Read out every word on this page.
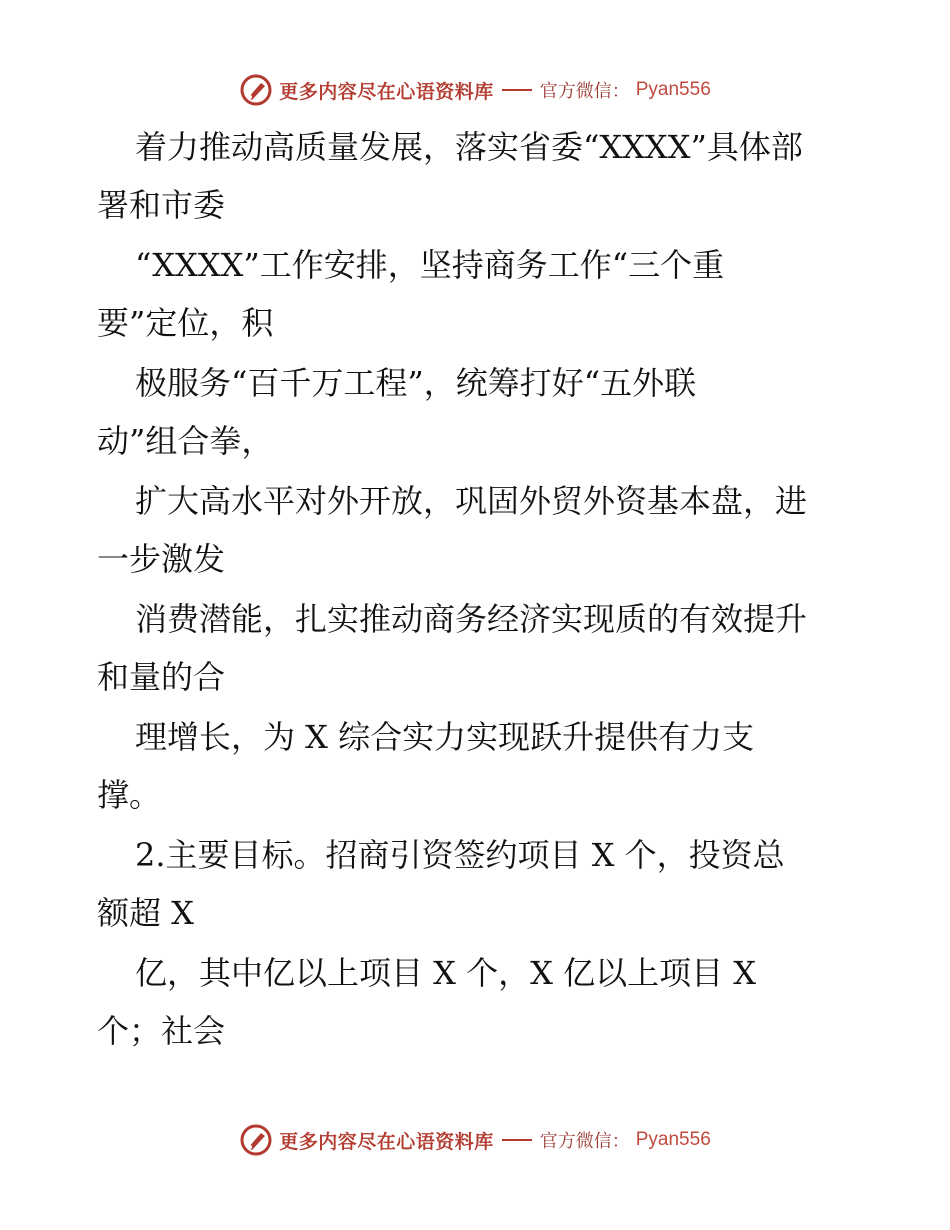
更多内容尽在心语资料库	官方微信： Pyan556
着力推动高质量发展，落实省委“XXXX”具体部
署和市委
“XXXX”工作安排，坚持商务工作“三个重
要”定位，积
极服务“百千万工程”，统筹打好“五外联
动”组合拳，
扩大高水平对外开放，巩固外贸外资基本盘，进
一步激发
消费潜能，扎实推动商务经济实现质的有效提升
和量的合
理增长，为 X 综合实力实现跃升提供有力支
撑。
2.主要目标。招商引资签约项目 X 个，投资总
额超 X
亿，其中亿以上项目 X 个，X 亿以上项目 X
个；社会
更多内容尽在心语资料库	官方微信： Pyan556
